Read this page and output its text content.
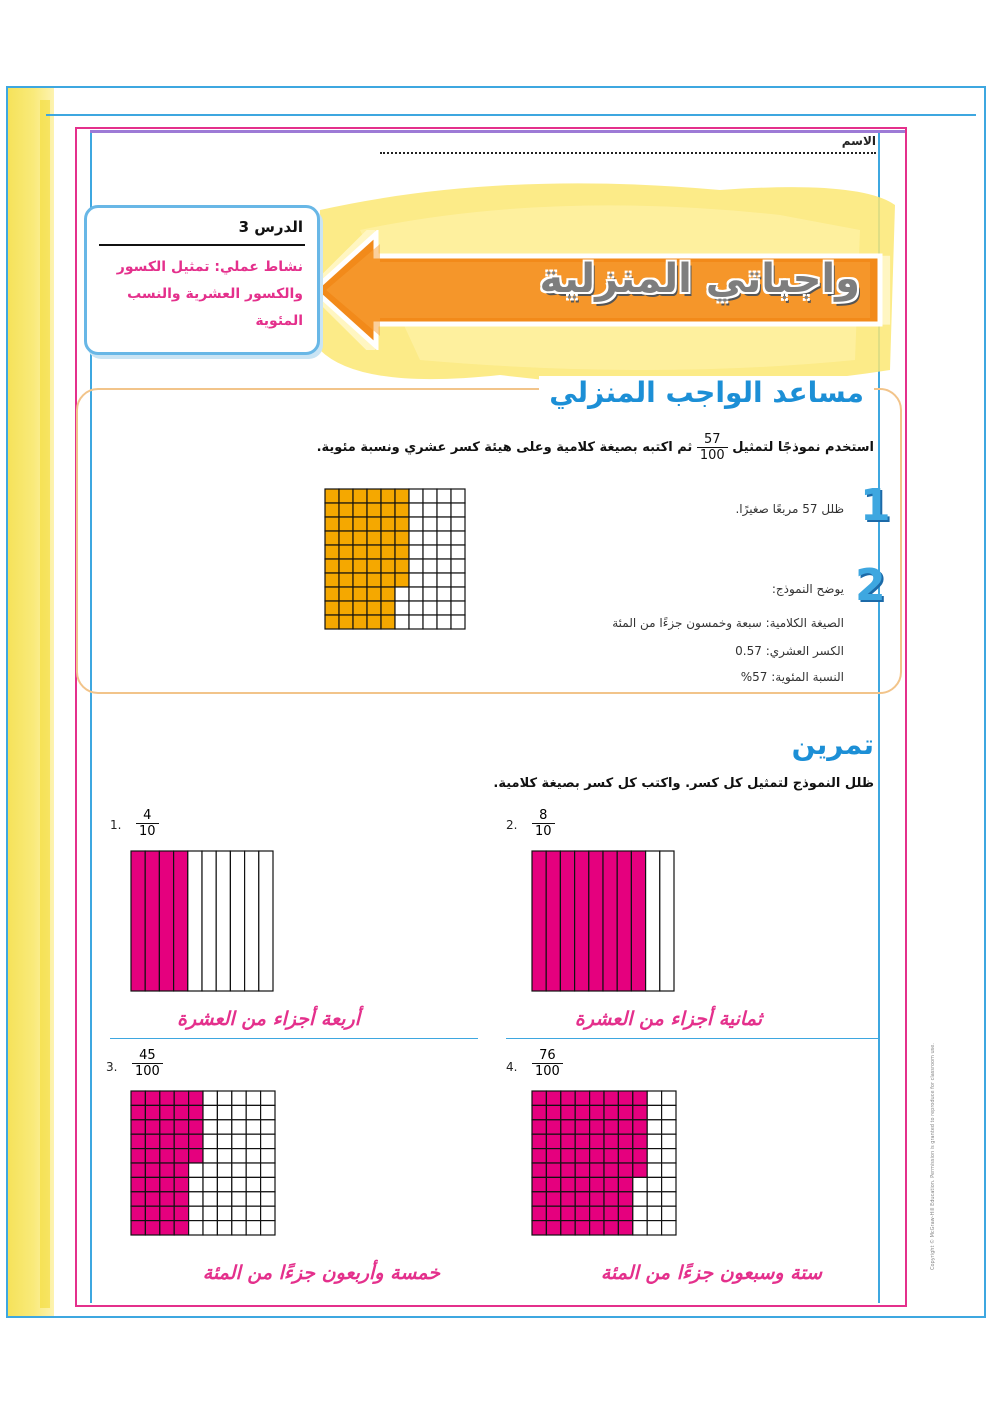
الاسم
واجباتي المنزلية
الدرس 3
نشاط عملي: تمثيل الكسور والكسور العشرية والنسب المئوية
مساعد الواجب المنزلي
استخدم نموذجًا لتمثيل
$\frac{57}{100}$
ثم اكتبه بصيغة كلامية وعلى هيئة كسر عشري ونسبة مئوية.
1
ظلل 57 مربعًا صغيرًا.
2
يوضح النموذج:
الصيغة الكلامية: سبعة وخمسون جزءًا من المئة
الكسر العشري: 0.57
النسبة المئوية: 57%
تمرين
ظلل النموذج لتمثيل كل كسر. واكتب كل كسر بصيغة كلامية.
1. $\frac{4}{10}$
أربعة أجزاء من العشرة
2. $\frac{8}{10}$
ثمانية أجزاء من العشرة
3. $\frac{45}{100}$
خمسة وأربعون جزءًا من المئة
4. $\frac{76}{100}$
ستة وسبعون جزءًا من المئة
Copyright © McGraw-Hill Education. Permission is granted to reproduce for classroom use.
